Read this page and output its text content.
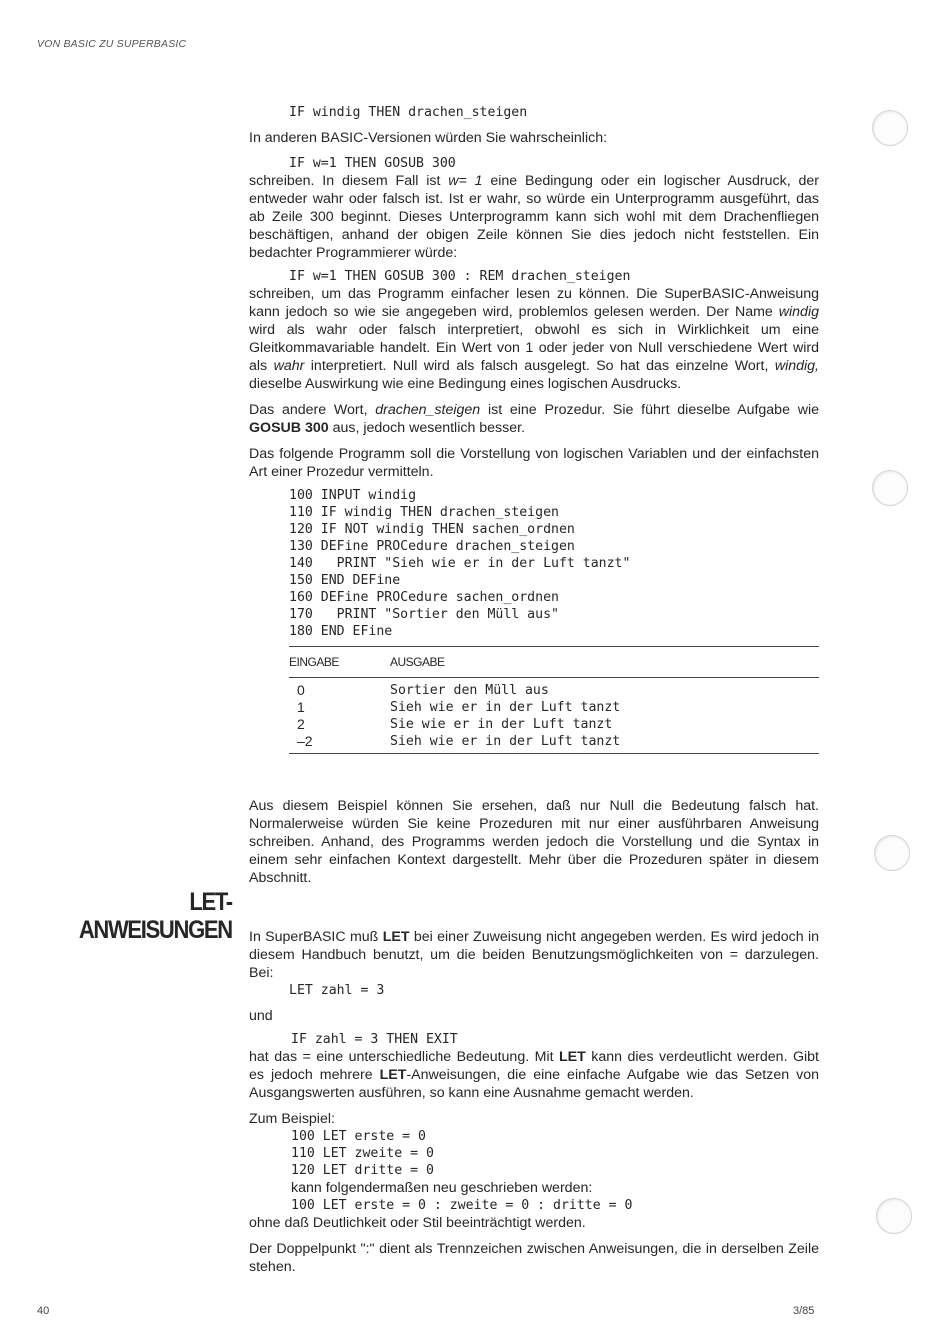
VON BASIC ZU SUPERBASIC
IF windig THEN drachen_steigen

In anderen BASIC-Versionen würden Sie wahrscheinlich:

IF w=1 THEN GOSUB 300

schreiben. In diesem Fall ist w= 1 eine Bedingung oder ein logischer Ausdruck, der entweder wahr oder falsch ist. Ist er wahr, so würde ein Unterprogramm ausgeführt, das ab Zeile 300 beginnt. Dieses Unterprogramm kann sich wohl mit dem Drachenfliegen beschäftigen, anhand der obigen Zeile können Sie dies jedoch nicht feststellen. Ein bedachter Programmierer würde:

IF w=1 THEN GOSUB 300 : REM drachen_steigen

schreiben, um das Programm einfacher lesen zu können. Die SuperBASIC-Anweisung kann jedoch so wie sie angegeben wird, problemlos gelesen werden. Der Name windig wird als wahr oder falsch interpretiert, obwohl es sich in Wirklichkeit um eine Gleitkommavariable handelt. Ein Wert von 1 oder jeder von Null verschiedene Wert wird als wahr interpretiert. Null wird als falsch ausgelegt. So hat das einzelne Wort, windig, dieselbe Auswirkung wie eine Bedingung eines logischen Ausdrucks.

Das andere Wort, drachen_steigen ist eine Prozedur. Sie führt dieselbe Aufgabe wie GOSUB 300 aus, jedoch wesentlich besser.

Das folgende Programm soll die Vorstellung von logischen Variablen und der einfachsten Art einer Prozedur vermitteln.

100 INPUT windig
110 IF windig THEN drachen_steigen
120 IF NOT windig THEN sachen_ordnen
130 DEFine PROCedure drachen_steigen
140   PRINT "Sieh wie er in der Luft tanzt"
150 END DEFine
160 DEFine PROCedure sachen_ordnen
170   PRINT "Sortier den Müll aus"
180 END EFine
EINGABE	AUSGABE
0	Sortier den Müll aus
1	Sieh wie er in der Luft tanzt
2	Sie wie er in der Luft tanzt
–2	Sieh wie er in der Luft tanzt

Aus diesem Beispiel können Sie ersehen, daß nur Null die Bedeutung falsch hat. Normalerweise würden Sie keine Prozeduren mit nur einer ausführbaren Anweisung schreiben. Anhand, des Programms werden jedoch die Vorstellung und die Syntax in einem sehr einfachen Kontext dargestellt. Mehr über die Prozeduren später in diesem Abschnitt.

LET-
ANWEISUNGEN In SuperBASIC muß LET bei einer Zuweisung nicht angegeben werden. Es wird jedoch in diesem Handbuch benutzt, um die beiden Benutzungsmöglichkeiten von = darzulegen. Bei:

LET zahl = 3

und

IF zahl = 3 THEN EXIT

hat das = eine unterschiedliche Bedeutung. Mit LET kann dies verdeutlicht werden. Gibt es jedoch mehrere LET-Anweisungen, die eine einfache Aufgabe wie das Setzen von Ausgangswerten ausführen, so kann eine Ausnahme gemacht werden.

Zum Beispiel:

100 LET erste = 0
110 LET zweite = 0
120 LET dritte = 0

kann folgendermaßen neu geschrieben werden:

100 LET erste = 0 : zweite = 0 : dritte = 0

ohne daß Deutlichkeit oder Stil beeinträchtigt werden.

Der Doppelpunkt ":" dient als Trennzeichen zwischen Anweisungen, die in derselben Zeile stehen.

40	3/85
